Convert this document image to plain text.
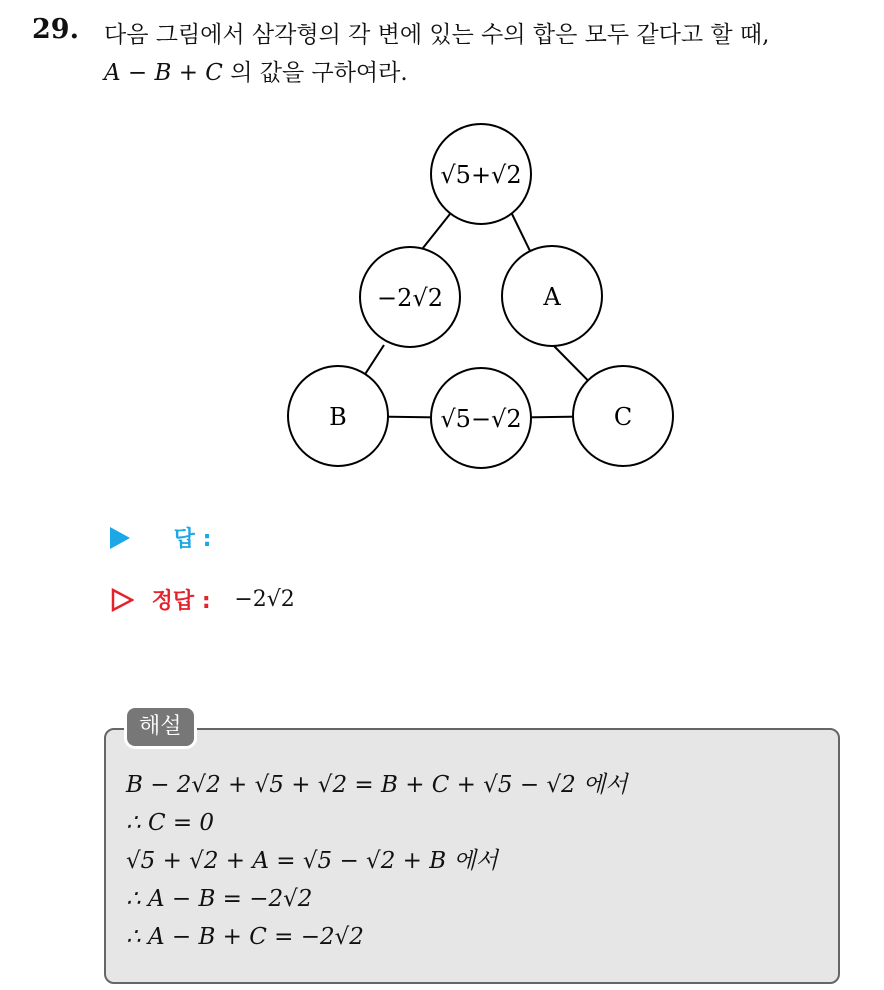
29. 다음 그림에서 삼각형의 각 변에 있는 수의 합은 모두 같다고 할 때,
A − B + C 의 값을 구하여라.
√5+√2
−2√2	A
B	√5−√2	C
답 :
정답 : −2√2
해설
B − 2√2 + √5 + √2 = B + C + √5 − √2 에서
∴ C = 0
√5 + √2 + A = √5 − √2 + B 에서
∴ A − B = −2√2
∴ A − B + C = −2√2
